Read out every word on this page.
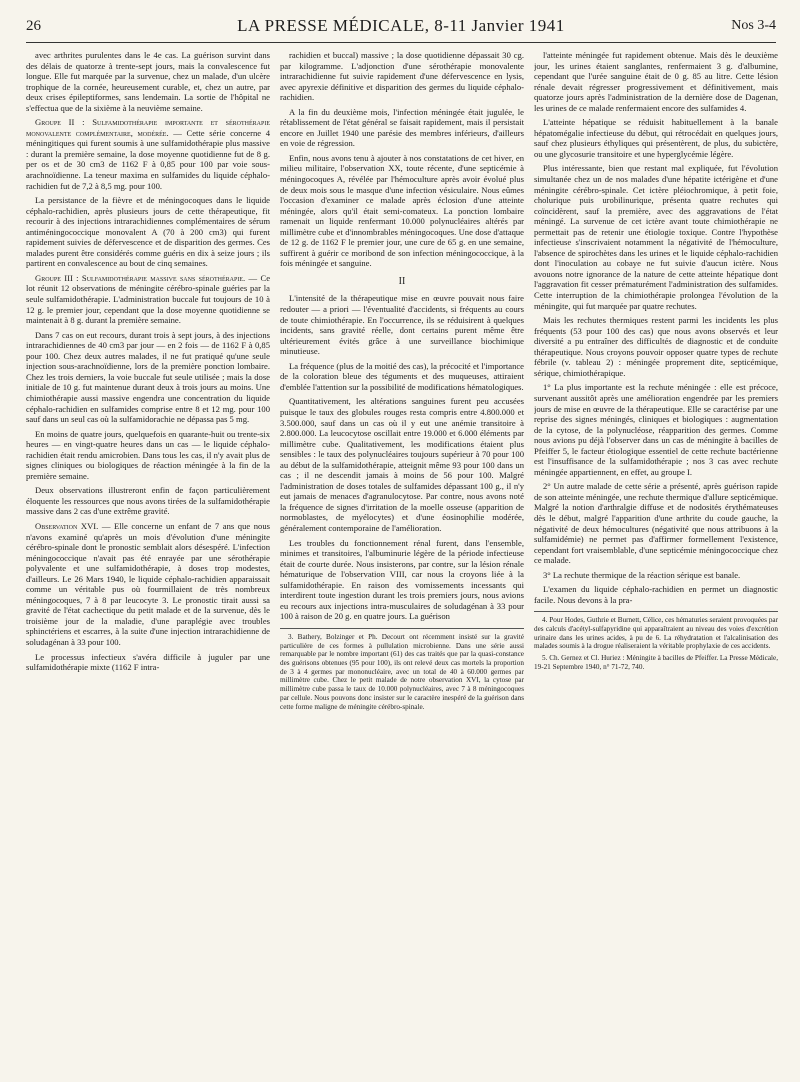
26	LA PRESSE MÉDICALE, 8-11 Janvier 1941	Nos 3-4

avec arthrites purulentes dans le 4e cas. La guérison survint dans des délais de quatorze à trente-sept jours, mais la convalescence fut longue. Elle fut marquée par la survenue, chez un malade, d'un ulcère trophique de la cornée, heureusement curable, et, chez un autre, par deux crises épileptiformes, sans lendemain. La sortie de l'hôpital ne s'effectua que de la sixième à la neuvième semaine.

Groupe II : Sulfamidothérapie importante et sérothérapie monovalente complémentaire, modérée. — Cette série concerne 4 méningitiques qui furent soumis à une sulfamidothérapie plus massive : durant la première semaine, la dose moyenne quotidienne fut de 8 g. per os et de 30 cm3 de 1162 F à 0,85 pour 100 par voie sous-arachnoïdienne. La teneur maxima en sulfamides du liquide céphalo-rachidien fut de 7,2 à 8,5 mg. pour 100.

La persistance de la fièvre et de méningocoques dans le liquide céphalo-rachidien, après plusieurs jours de cette thérapeutique, fit recourir à des injections intrarachidiennes complémentaires de sérum antiméningococcique monovalent A (70 à 200 cm3) qui furent rapidement suivies de défervescence et de disparition des germes. Ces malades purent être considérés comme guéris en dix à seize jours ; ils partirent en convalescence au bout de cinq semaines.

Groupe III : Sulfamidothérapie massive sans sérothérapie. — Ce lot réunit 12 observations de méningite cérébro-spinale guéries par la seule sulfamidothérapie. L'administration buccale fut toujours de 10 à 12 g. le premier jour, cependant que la dose moyenne quotidienne se maintenait à 8 g. durant la première semaine.

Dans 7 cas on eut recours, durant trois à sept jours, à des injections intrarachidiennes de 40 cm3 par jour — en 2 fois — de 1162 F à 0,85 pour 100. Chez deux autres malades, il ne fut pratiqué qu'une seule injection sous-arachnoïdienne, lors de la première ponction lombaire. Chez les trois derniers, la voie buccale fut seule utilisée ; mais la dose initiale de 10 g. fut maintenue durant deux à trois jours au moins. Une chimiothérapie aussi massive engendra une concentration du liquide céphalo-rachidien en sulfamides comprise entre 8 et 12 mg. pour 100 sauf dans un seul cas où la sulfamidorachie ne dépassa pas 5 mg.

En moins de quatre jours, quelquefois en quarante-huit ou trente-six heures — en vingt-quatre heures dans un cas — le liquide céphalo-rachidien était rendu amicrobien. Dans tous les cas, il n'y avait plus de signes cliniques ou biologiques de réaction méningée à la fin de la première semaine.

Deux observations illustreront enfin de façon particulièrement éloquente les ressources que nous avons tirées de la sulfamidothérapie massive dans 2 cas d'une extrême gravité.

Observation XVI. — Elle concerne un enfant de 7 ans que nous n'avons examiné qu'après un mois d'évolution d'une méningite cérébro-spinale dont le pronostic semblait alors désespéré. L'infection méningococcique n'avait pas été enrayée par une sérothérapie polyvalente et une sulfamidothérapie, à doses trop modestes, d'ailleurs. Le 26 Mars 1940, le liquide céphalo-rachidien apparaissait comme un véritable pus où fourmillaient de très nombreux méningocoques, 7 à 8 par leucocyte 3. Le pronostic tirait aussi sa gravité de l'état cachectique du petit malade et de la survenue, dès le troisième jour de la maladie, d'une paraplégie avec troubles sphinctériens et escarres, à la suite d'une injection intrarachidienne de soludagénan à 33 pour 100.

Le processus infectieux s'avéra difficile à juguler par une sulfamidothérapie mixte (1162 F intra-

rachidien et buccal) massive ; la dose quotidienne dépassait 30 cg. par kilogramme. L'adjonction d'une sérothérapie monovalente intrarachidienne fut suivie rapidement d'une défervescence en lysis, avec apyrexie définitive et disparition des germes du liquide céphalo-rachidien.

A la fin du deuxième mois, l'infection méningée était jugulée, le rétablissement de l'état général se faisait rapidement, mais il persistait encore en Juillet 1940 une parésie des membres inférieurs, d'ailleurs en voie de régression.

Enfin, nous avons tenu à ajouter à nos constatations de cet hiver, en milieu militaire, l'observation XX, toute récente, d'une septicémie à méningocoques A, révélée par l'hémoculture après avoir évolué plus de deux mois sous le masque d'une infection vésiculaire. Nous eûmes l'occasion d'examiner ce malade après éclosion d'une atteinte méningée, alors qu'il était semi-comateux. La ponction lombaire ramenait un liquide renfermant 10.000 polynucléaires altérés par millimètre cube et d'innombrables méningocoques. Une dose d'attaque de 12 g. de 1162 F le premier jour, une cure de 65 g. en une semaine, suffirent à guérir ce moribond de son infection méningococcique, à la fois méningée et sanguine.

II

L'intensité de la thérapeutique mise en œuvre pouvait nous faire redouter — a priori — l'éventualité d'accidents, si fréquents au cours de toute chimiothérapie. En l'occurrence, ils se réduisirent à quelques incidents, sans gravité réelle, dont certains purent même être ultérieurement évités grâce à une surveillance biochimique minutieuse.

La fréquence (plus de la moitié des cas), la précocité et l'importance de la coloration bleue des téguments et des muqueuses, attiraient d'emblée l'attention sur la possibilité de modifications hématologiques.

Quantitativement, les altérations sanguines furent peu accusées puisque le taux des globules rouges resta compris entre 4.800.000 et 3.500.000, sauf dans un cas où il y eut une anémie transitoire à 2.800.000. La leucocytose oscillait entre 19.000 et 6.000 éléments par millimètre cube. Qualitativement, les modifications étaient plus sensibles : le taux des polynucléaires toujours supérieur à 70 pour 100 au début de la sulfamidothérapie, atteignit même 93 pour 100 dans un cas ; il ne descendit jamais à moins de 56 pour 100. Malgré l'administration de doses totales de sulfamides dépassant 100 g., il n'y eut jamais de menaces d'agranulocytose. Par contre, nous avons noté la fréquence de signes d'irritation de la moelle osseuse (apparition de normoblastes, de myélocytes) et d'une éosinophilie modérée, généralement contemporaine de l'amélioration.

Les troubles du fonctionnement rénal furent, dans l'ensemble, minimes et transitoires, l'albuminurie légère de la période infectieuse était de courte durée. Nous insisterons, par contre, sur la lésion rénale hématurique de l'observation VIII, car nous la croyons liée à la sulfamidothérapie. En raison des vomissements incessants qui interdirent toute ingestion durant les trois premiers jours, nous avions eu recours aux injections intra-musculaires de soludagénan à 33 pour 100 à raison de 20 g. en quatre jours. La guérison

3. Bathery, Bolzinger et Ph. Decourt ont récemment insisté sur la gravité particulière de ces formes à pullulation microbienne. Dans une série aussi remarquable par le nombre important (61) des cas traités que par la quasi-constance des guérisons obtenues (95 pour 100), ils ont relevé deux cas mortels la proportion de 3 à 4 germes par mononucléaire, avec un total de 40 à 60.000 germes par millimètre cube. Chez le petit malade de notre observation XVI, la cytose par millimètre cube passa le taux de 10.000 polynucléaires, avec 7 à 8 méningocoques par cellule. Nous pouvons donc insister sur le caractère inespéré de la guérison dans cette forme maligne de méningite cérébro-spinale.

l'atteinte méningée fut rapidement obtenue. Mais dès le deuxième jour, les urines étaient sanglantes, renfermaient 3 g. d'albumine, cependant que l'urée sanguine était de 0 g. 85 au litre. Cette lésion rénale devait régresser progressivement et définitivement, mais quatorze jours après l'administration de la dernière dose de Dagenan, les urines de ce malade renfermaient encore des sulfamides 4.

L'atteinte hépatique se réduisit habituellement à la banale hépatomégalie infectieuse du début, qui rétrocédait en quelques jours, sauf chez plusieurs éthyliques qui présentèrent, de plus, du subictère, ou une glycosurie transitoire et une hyperglycémie légère.

Plus intéressante, bien que restant mal expliquée, fut l'évolution simultanée chez un de nos malades d'une hépatite ictérigène et d'une méningite cérébro-spinale. Cet ictère pléiochromique, à petit foie, cholurique puis urobilinurique, présenta quatre rechutes qui coïncidèrent, sauf la première, avec des aggravations de l'état méningé. La survenue de cet ictère avant toute chimiothérapie ne permettait pas de retenir une étiologie toxique. Contre l'hypothèse infectieuse s'inscrivaient notamment la négativité de l'hémoculture, l'absence de spirochètes dans les urines et le liquide céphalo-rachidien dont l'inoculation au cobaye ne fut suivie d'aucun ictère. Nous avouons notre ignorance de la nature de cette atteinte hépatique dont l'aggravation fit cesser prématurément l'administration des sulfamides. Cette interruption de la chimiothérapie prolongea l'évolution de la méningite, qui fut marquée par quatre rechutes.

Mais les rechutes thermiques restent parmi les incidents les plus fréquents (53 pour 100 des cas) que nous avons observés et leur diversité a pu entraîner des difficultés de diagnostic et de conduite thérapeutique. Nous croyons pouvoir opposer quatre types de rechute fébrile (v. tableau 2) : méningée proprement dite, septicémique, sérique, chimiothérapique.

1° La plus importante est la rechute méningée : elle est précoce, survenant aussitôt après une amélioration engendrée par les premiers jours de mise en œuvre de la thérapeutique. Elle se caractérise par une reprise des signes méningés, cliniques et biologiques : augmentation de la cytose, de la polynucléose, réapparition des germes. Comme nous avions pu déjà l'observer dans un cas de méningite à bacilles de Pfeiffer 5, le facteur étiologique essentiel de cette rechute bactérienne est l'insuffisance de la sulfamidothérapie ; nos 3 cas avec rechute méningée appartiennent, en effet, au groupe I.

2° Un autre malade de cette série a présenté, après guérison rapide de son atteinte méningée, une rechute thermique d'allure septicémique. Malgré la notion d'arthralgie diffuse et de nodosités érythémateuses dès le début, malgré l'apparition d'une arthrite du coude gauche, la négativité de deux hémocultures (négativité que nous attribuons à la sulfamidémie) ne permet pas d'affirmer formellement l'existence, cependant fort vraisemblable, d'une septicémie méningococcique chez ce malade.

3° La rechute thermique de la réaction sérique est banale.

L'examen du liquide céphalo-rachidien en permet un diagnostic facile. Nous devons à la pra-

4. Pour Hodes, Guthrie et Burnett, Célice, ces hématuries seraient provoquées par des calculs d'acétyl-sulfapyridine qui apparaîtraient au niveau des voies d'excrétion urinaire dans les urines acides, à pu de 6. La réhydratation et l'alcalinisation des malades soumis à la drogue réaliseraient la véritable prophylaxie de ces accidents.

5. Ch. Gernez et Cl. Huriez : Méningite à bacilles de Pfeiffer. La Presse Médicale, 19-21 Septembre 1940, n° 71-72, 740.
